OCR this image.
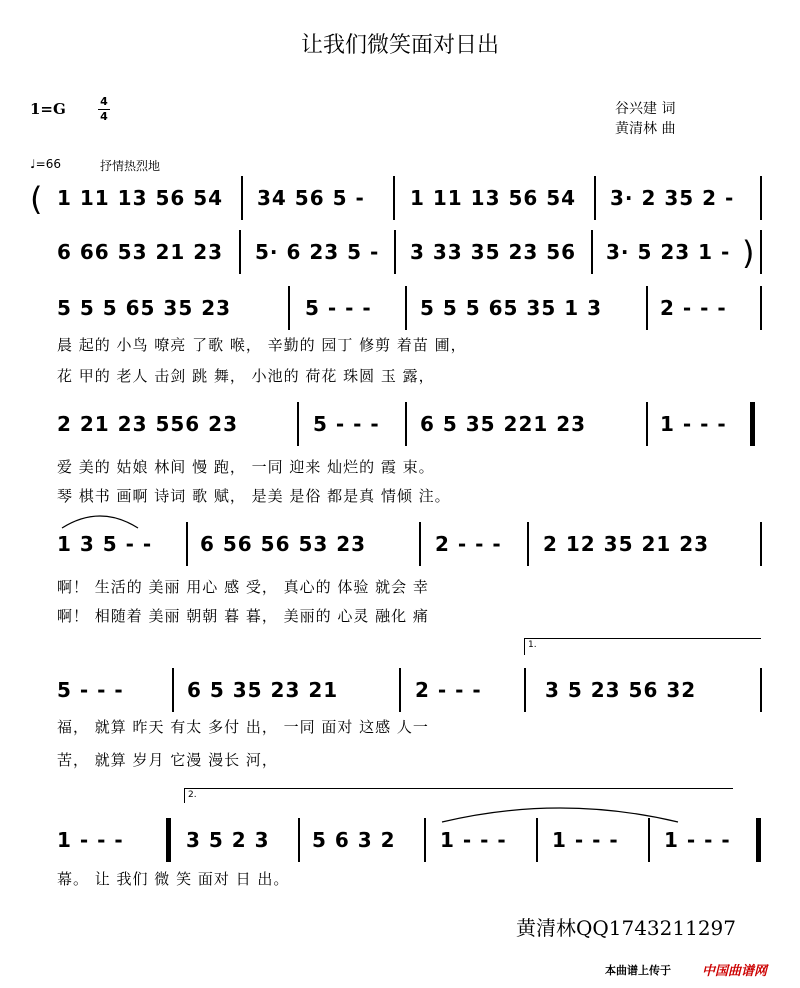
让我们微笑面对日出
1=G	4
4	谷兴建 词
黄清林 曲
♩=66	抒情热烈地
( 1 11 13 56 54 34 56 5 - 1 11 13 56 54 3· 2 35 2 -
6 66 53 21 23 5· 6 23 5 - 3 33 35 23 56 3· 5 23 1 - )
5 5 5 65 35 23	5 - - - 5 5 5 65 35 1 3	2 - - -
晨 起的 小鸟 嘹亮 了歌 喉， 辛勤的 园丁 修剪 着苗 圃，
花 甲的 老人 击剑 跳 舞， 小池的 荷花 珠圆 玉 露，
2 21 23 556 23	5 - - - 6 5 35 221 23	1 - - -
爱 美的 姑娘 林间 慢 跑， 一同 迎来 灿烂的 霞 束。
琴 棋书 画啊 诗词 歌 赋， 是美 是俗 都是真 情倾 注。
1 3 5 - - 6 56 56 53 23	2 - - - 2 12 35 21 23
啊！ 生活的 美丽 用心 感 受， 真心的 体验 就会 幸
啊！ 相随着 美丽 朝朝 暮 暮， 美丽的 心灵 融化 痛
1.
5 - - -	6 5 35 23 21	2 - - -	3 5 23 56 32
福， 就算 昨天 有太 多付 出， 一同 面对 这感 人一
苦， 就算 岁月 它漫 漫长 河，
2.
1 - - -	3 5 2 3 5 6 3 2 1 - - - 1 - - - 1 - - -
幕。 让 我们 微 笑 面对 日 出。
黄清林QQ1743211297
本曲谱上传于 中国曲谱网
